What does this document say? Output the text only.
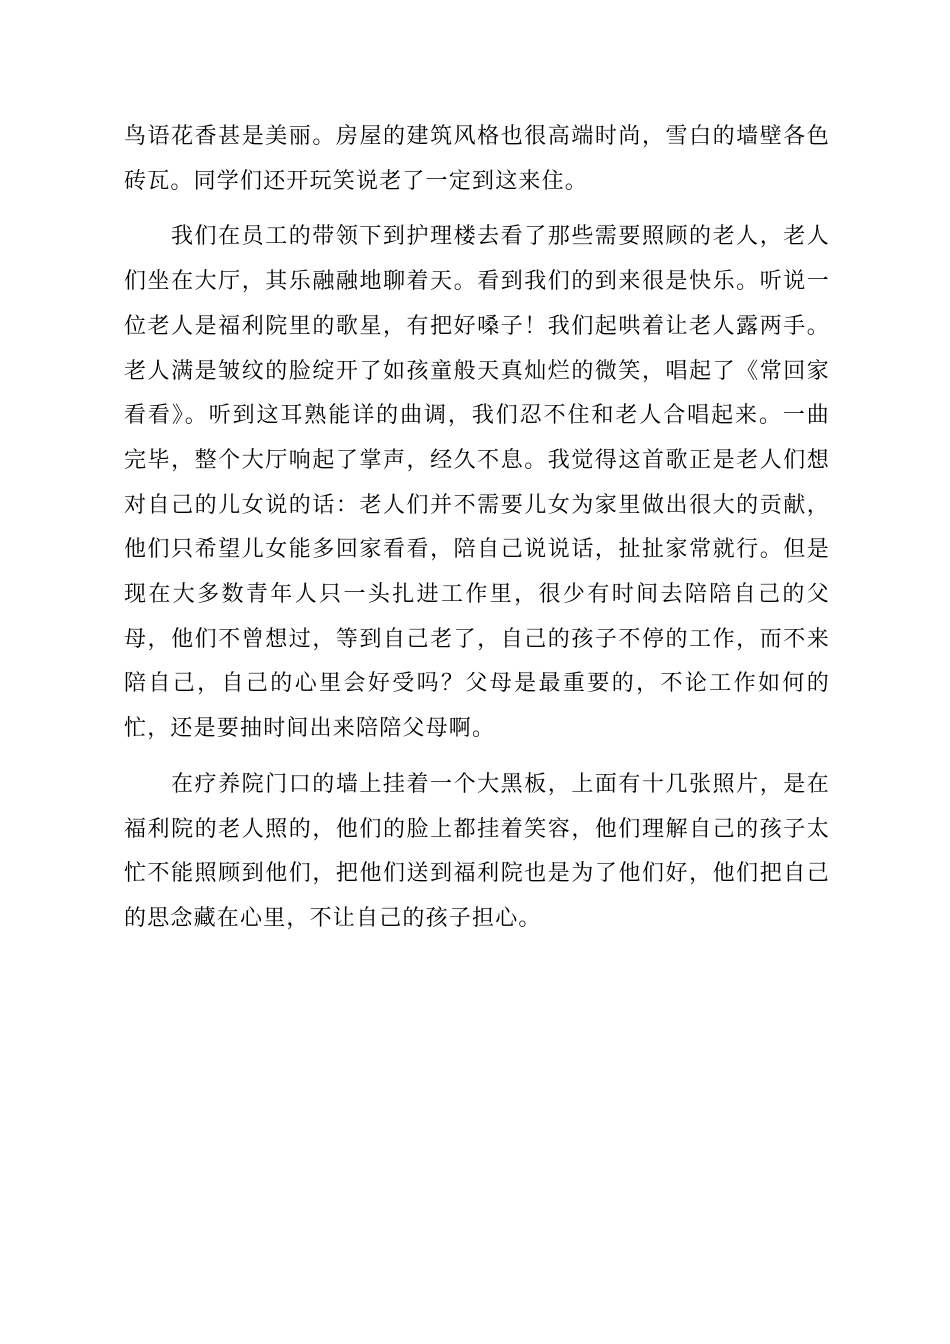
鸟语花香甚是美丽。房屋的建筑风格也很高端时尚，雪白的墙壁各色砖瓦。同学们还开玩笑说老了一定到这来住。

我们在员工的带领下到护理楼去看了那些需要照顾的老人，老人们坐在大厅，其乐融融地聊着天。看到我们的到来很是快乐。听说一位老人是福利院里的歌星，有把好嗓子！我们起哄着让老人露两手。老人满是皱纹的脸绽开了如孩童般天真灿烂的微笑，唱起了《常回家看看》。听到这耳熟能详的曲调，我们忍不住和老人合唱起来。一曲完毕，整个大厅响起了掌声，经久不息。我觉得这首歌正是老人们想对自己的儿女说的话：老人们并不需要儿女为家里做出很大的贡献，他们只希望儿女能多回家看看，陪自己说说话，扯扯家常就行。但是现在大多数青年人只一头扎进工作里，很少有时间去陪陪自己的父母，他们不曾想过，等到自己老了，自己的孩子不停的工作，而不来陪自己，自己的心里会好受吗？父母是最重要的，不论工作如何的忙，还是要抽时间出来陪陪父母啊。

在疗养院门口的墙上挂着一个大黑板，上面有十几张照片，是在福利院的老人照的，他们的脸上都挂着笑容，他们理解自己的孩子太忙不能照顾到他们，把他们送到福利院也是为了他们好，他们把自己的思念藏在心里，不让自己的孩子担心。
